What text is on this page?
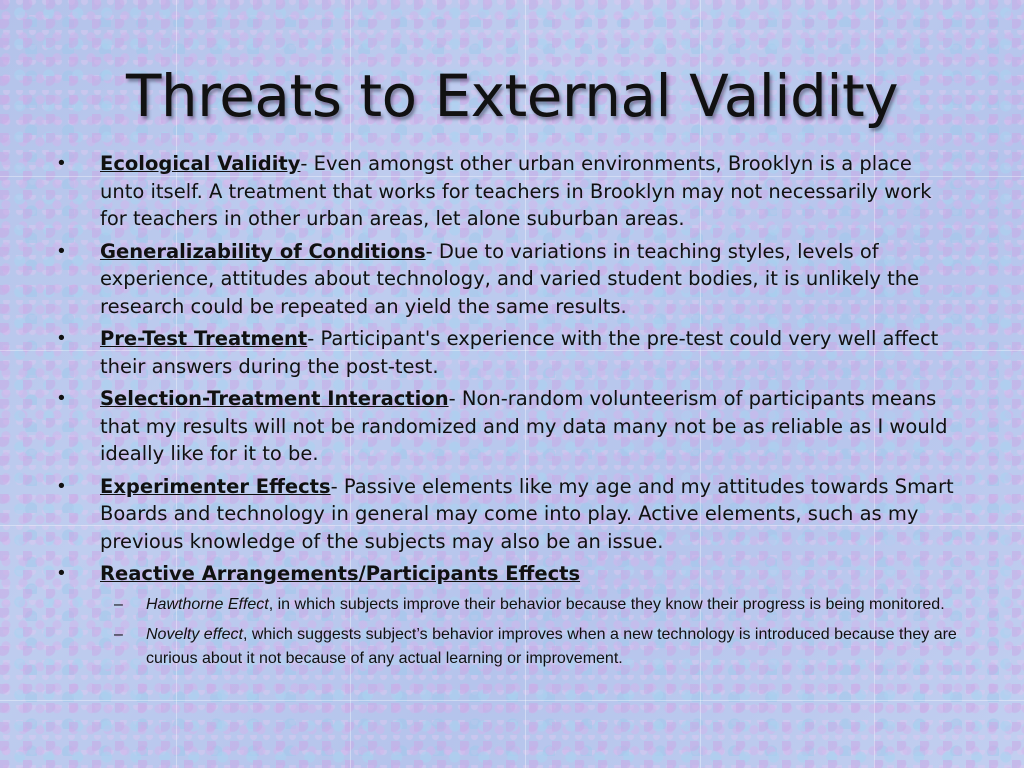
Threats to External Validity
•	Ecological Validity- Even amongst other urban environments, Brooklyn is a place unto itself. A treatment that works for teachers in Brooklyn may not necessarily work for teachers in other urban areas, let alone suburban areas.
•	Generalizability of Conditions- Due to variations in teaching styles, levels of experience, attitudes about technology, and varied student bodies, it is unlikely the research could be repeated an yield the same results.
•	Pre-Test Treatment- Participant's experience with the pre-test could very well affect their answers during the post-test.
•	Selection-Treatment Interaction- Non-random volunteerism of participants means that my results will not be randomized and my data many not be as reliable as I would ideally like for it to be.
•	Experimenter Effects- Passive elements like my age and my attitudes towards Smart Boards and technology in general may come into play. Active elements, such as my previous knowledge of the subjects may also be an issue.
•	Reactive Arrangements/Participants Effects
– Hawthorne Effect, in which subjects improve their behavior because they know their progress is being monitored.
– Novelty effect, which suggests subject’s behavior improves when a new technology is introduced because they are curious about it not because of any actual learning or improvement.
